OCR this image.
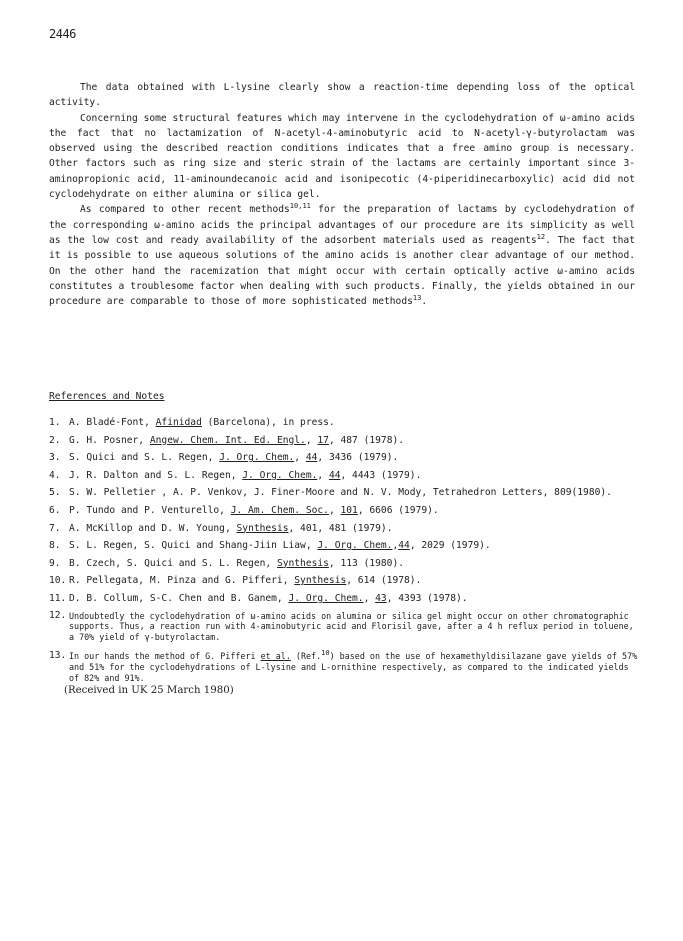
2446

The data obtained with L-lysine clearly show a reaction-time depending loss of the optical activity.

Concerning some structural features which may intervene in the cyclodehydration of ω-amino acids the fact that no lactamization of N-acetyl-4-aminobutyric acid to N-acetyl-γ-butyrolactam was observed using the described reaction conditions indicates that a free amino group is necessary. Other factors such as ring size and steric strain of the lactams are certainly important since 3-aminopropionic acid, 11-aminoundecanoic acid and isonipecotic (4-piperidinecarboxylic) acid did not cyclodehydrate on either alumina or silica gel.

As compared to other recent methods$^{10,11}$ for the preparation of lactams by cyclodehydration of the corresponding ω-amino acids the principal advantages of our procedure are its simplicity as well as the low cost and ready availability of the adsorbent materials used as reagents$^{12}$. The fact that it is possible to use aqueous solutions of the amino acids is another clear advantage of our method. On the other hand the racemization that might occur with certain optically active ω-amino acids constitutes a troublesome factor when dealing with such products. Finally, the yields obtained in our procedure are comparable to those of more sophisticated methods$^{13}$.

References and Notes
1. A. Bladé-Font, Afinidad (Barcelona), in press.
2. G. H. Posner, Angew. Chem. Int. Ed. Engl., 17, 487 (1978).
3. S. Quici and S. L. Regen, J. Org. Chem., 44, 3436 (1979).
4. J. R. Dalton and S. L. Regen, J. Org. Chem., 44, 4443 (1979).
5. S. W. Pelletier , A. P. Venkov, J. Finer-Moore and N. V. Mody, Tetrahedron Letters, 809(1980).
6. P. Tundo and P. Venturello, J. Am. Chem. Soc., 101, 6606 (1979).
7. A. McKillop and D. W. Young, Synthesis, 401, 481 (1979).
8. S. L. Regen, S. Quici and Shang-Jiin Liaw, J. Org. Chem.,44, 2029 (1979).
9. B. Czech, S. Quici and S. L. Regen, Synthesis, 113 (1980).
10. R. Pellegata, M. Pinza and G. Pifferi, Synthesis, 614 (1978).
11. D. B. Collum, S-C. Chen and B. Ganem, J. Org. Chem., 43, 4393 (1978).
12. Undoubtedly the cyclodehydration of ω-amino acids on alumina or silica gel might occur on other chromatographic supports. Thus, a reaction run with 4-aminobutyric acid and Florisil gave, after a 4 h reflux period in toluene, a 70% yield of γ-butyrolactam.
13. In our hands the method of G. Pifferi et al. (Ref.$^{10}$) based on the use of hexamethyldisilazane gave yields of 57% and 51% for the cyclodehydrations of L-lysine and L-ornithine respectively, as compared to the indicated yields of 82% and 91%.
(Received in UK 25 March 1980)
